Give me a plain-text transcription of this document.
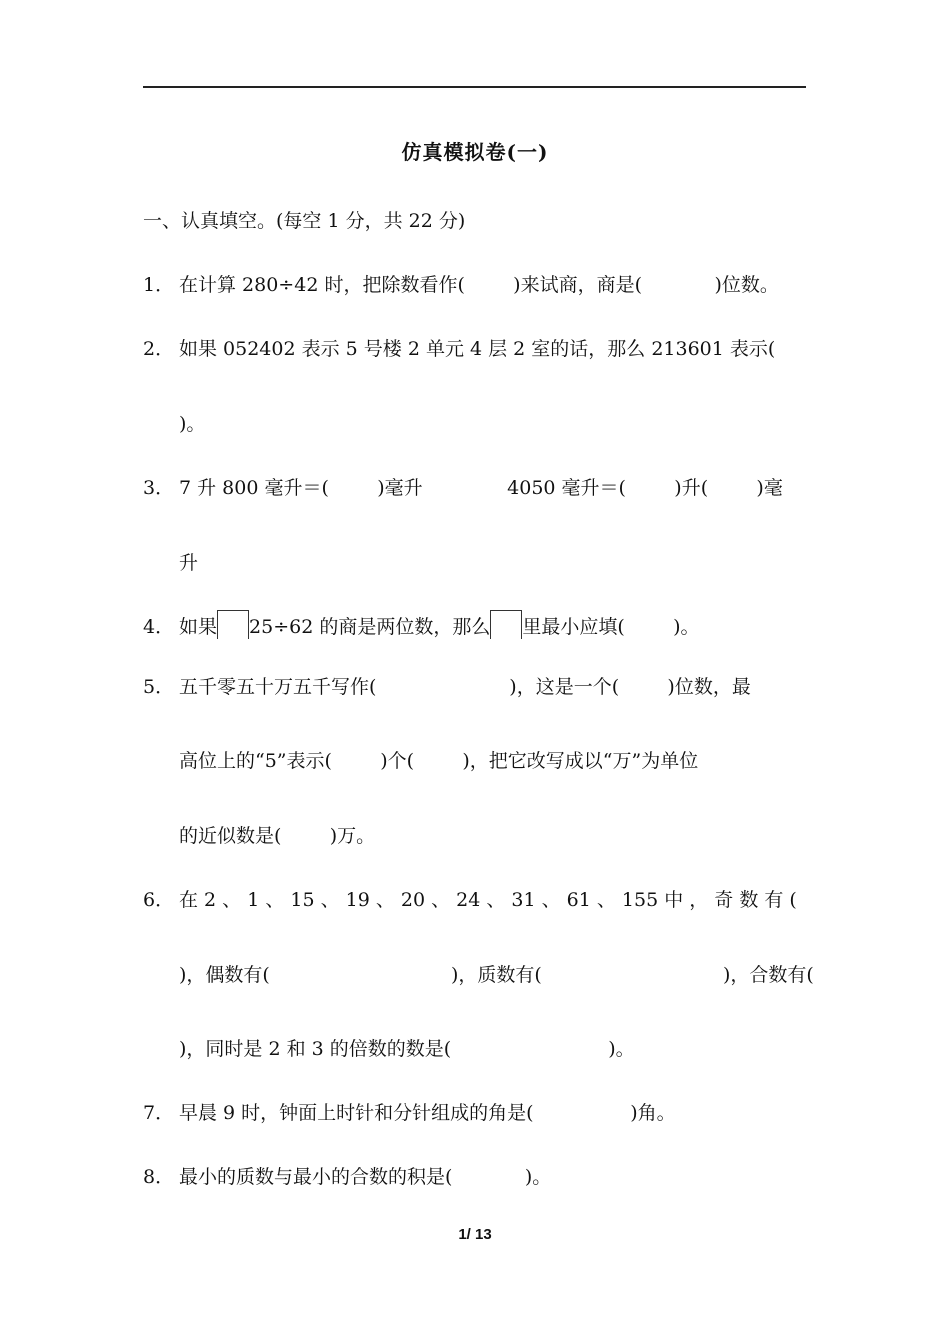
仿真模拟卷(一)
一、认真填空。(每空 1 分，共 22 分)
1． 在计算 280÷42 时，把除数看作(        )来试商，商是(            )位数。
2． 如果 052402 表示 5 号楼 2 单元 4 层 2 室的话，那么 213601 表示(
)。
3． 7 升 800 毫升＝(        )毫升              4050 毫升＝(        )升(        )毫
升
4． 如果 25÷62 的商是两位数，那么 里最小应填(        )。
5． 五千零五十万五千写作(                      )，这是一个(        )位数，最
高位上的“5”表示(        )个(        )，把它改写成以“万”为单位
的近似数是(        )万。
6． 在 2 、 1 、 15 、 19 、 20 、 24 、 31 、 61 、 155 中 ， 奇 数 有 (
)，偶数有(                              )，质数有(                              )，合数有(
)，同时是 2 和 3 的倍数的数是(                          )。
7． 早晨 9 时，钟面上时针和分针组成的角是(                )角。
8． 最小的质数与最小的合数的积是(            )。
1/ 13
